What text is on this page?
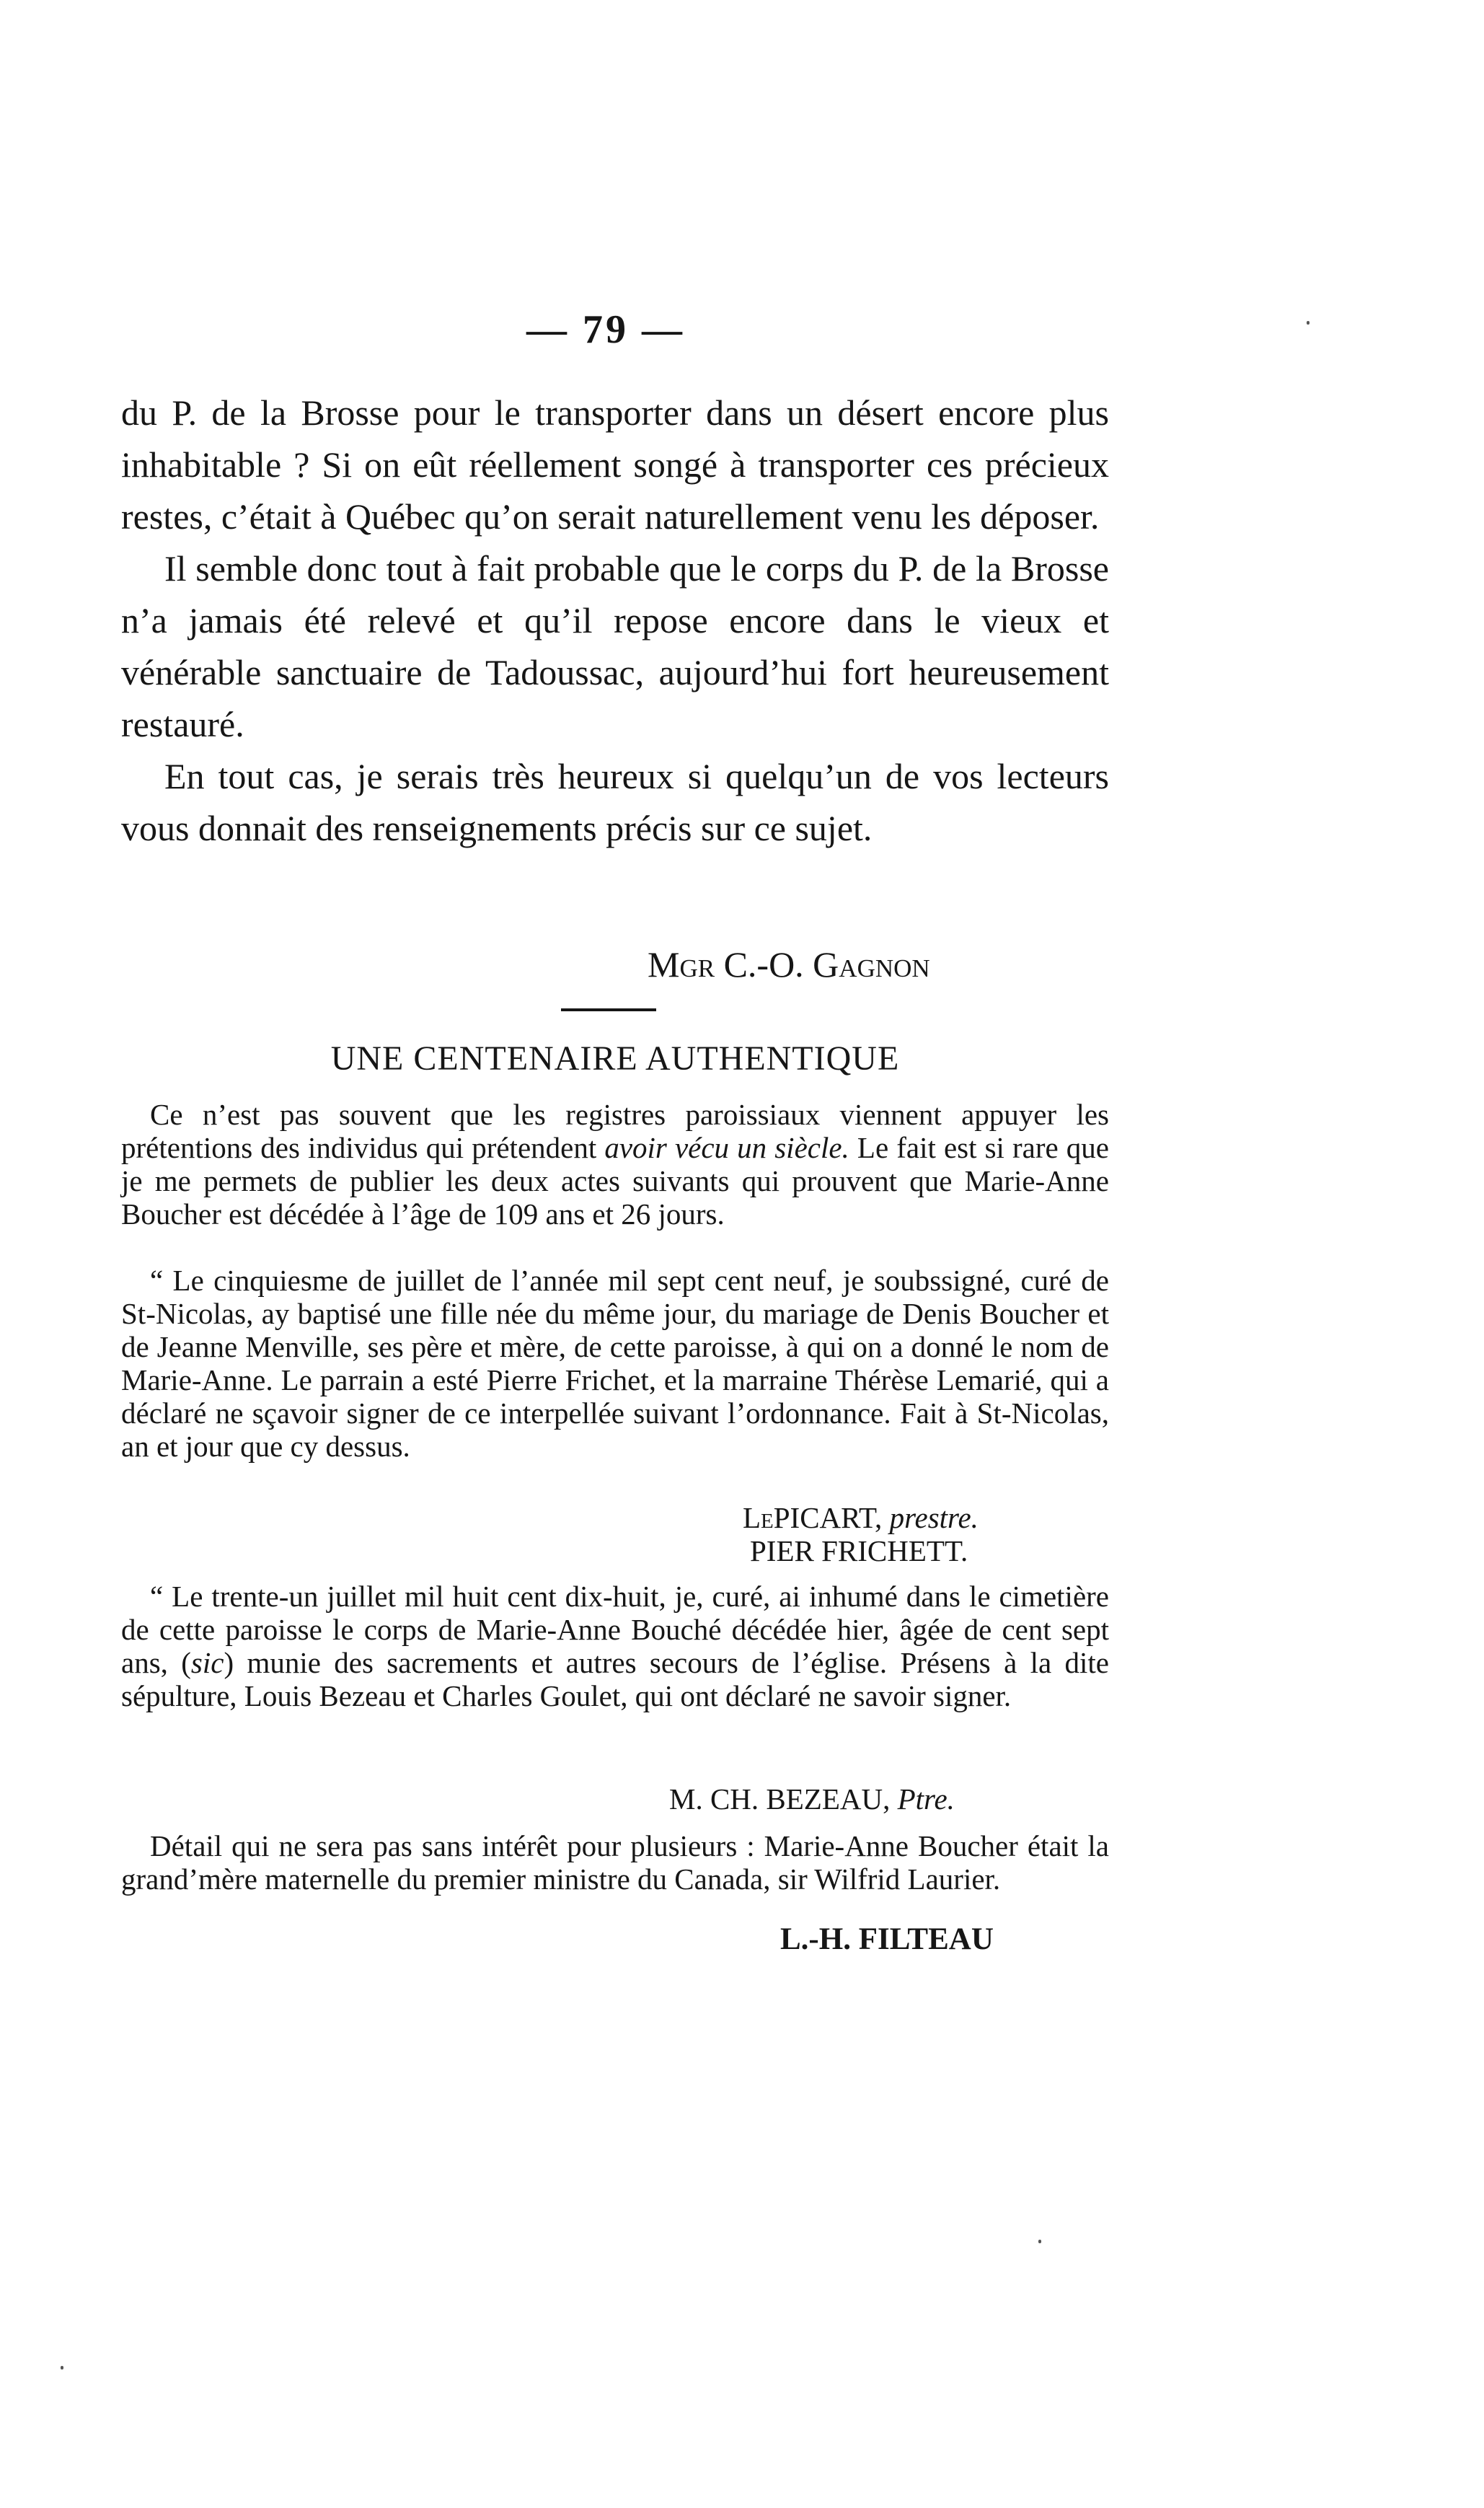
— 79 —

du P. de la Brosse pour le transporter dans un désert encore plus inhabitable ? Si on eût réellement songé à transporter ces précieux restes, c’était à Québec qu’on serait naturellement venu les déposer.

Il semble donc tout à fait probable que le corps du P. de la Brosse n’a jamais été relevé et qu’il repose encore dans le vieux et vénérable sanctuaire de Tadoussac, aujourd’hui fort heureusement restauré.

En tout cas, je serais très heureux si quelqu’un de vos lecteurs vous donnait des renseignements précis sur ce sujet.

Mgr C.-O. Gagnon
UNE CENTENAIRE AUTHENTIQUE

Ce n’est pas souvent que les registres paroissiaux viennent appuyer les prétentions des individus qui prétendent avoir vécu un siècle. Le fait est si rare que je me permets de publier les deux actes suivants qui prouvent que Marie-Anne Boucher est décédée à l’âge de 109 ans et 26 jours.

“ Le cinquiesme de juillet de l’année mil sept cent neuf, je soubssigné, curé de St-Nicolas, ay baptisé une fille née du même jour, du mariage de Denis Boucher et de Jeanne Menville, ses père et mère, de cette paroisse, à qui on a donné le nom de Marie-Anne. Le parrain a esté Pierre Frichet, et la marraine Thérèse Lemarié, qui a déclaré ne sçavoir signer de ce interpellée suivant l’ordonnance. Fait à St-Nicolas, an et jour que cy dessus.

LePICART, prestre.
PIER FRICHETT.

“ Le trente-un juillet mil huit cent dix-huit, je, curé, ai inhumé dans le cimetière de cette paroisse le corps de Marie-Anne Bouché décédée hier, âgée de cent sept ans, (sic) munie des sacrements et autres secours de l’église. Présens à la dite sépulture, Louis Bezeau et Charles Goulet, qui ont déclaré ne savoir signer.

M. CH. BEZEAU, Ptre.

Détail qui ne sera pas sans intérêt pour plusieurs : Marie-Anne Boucher était la grand’mère maternelle du premier ministre du Canada, sir Wilfrid Laurier.

L.-H. FILTEAU
